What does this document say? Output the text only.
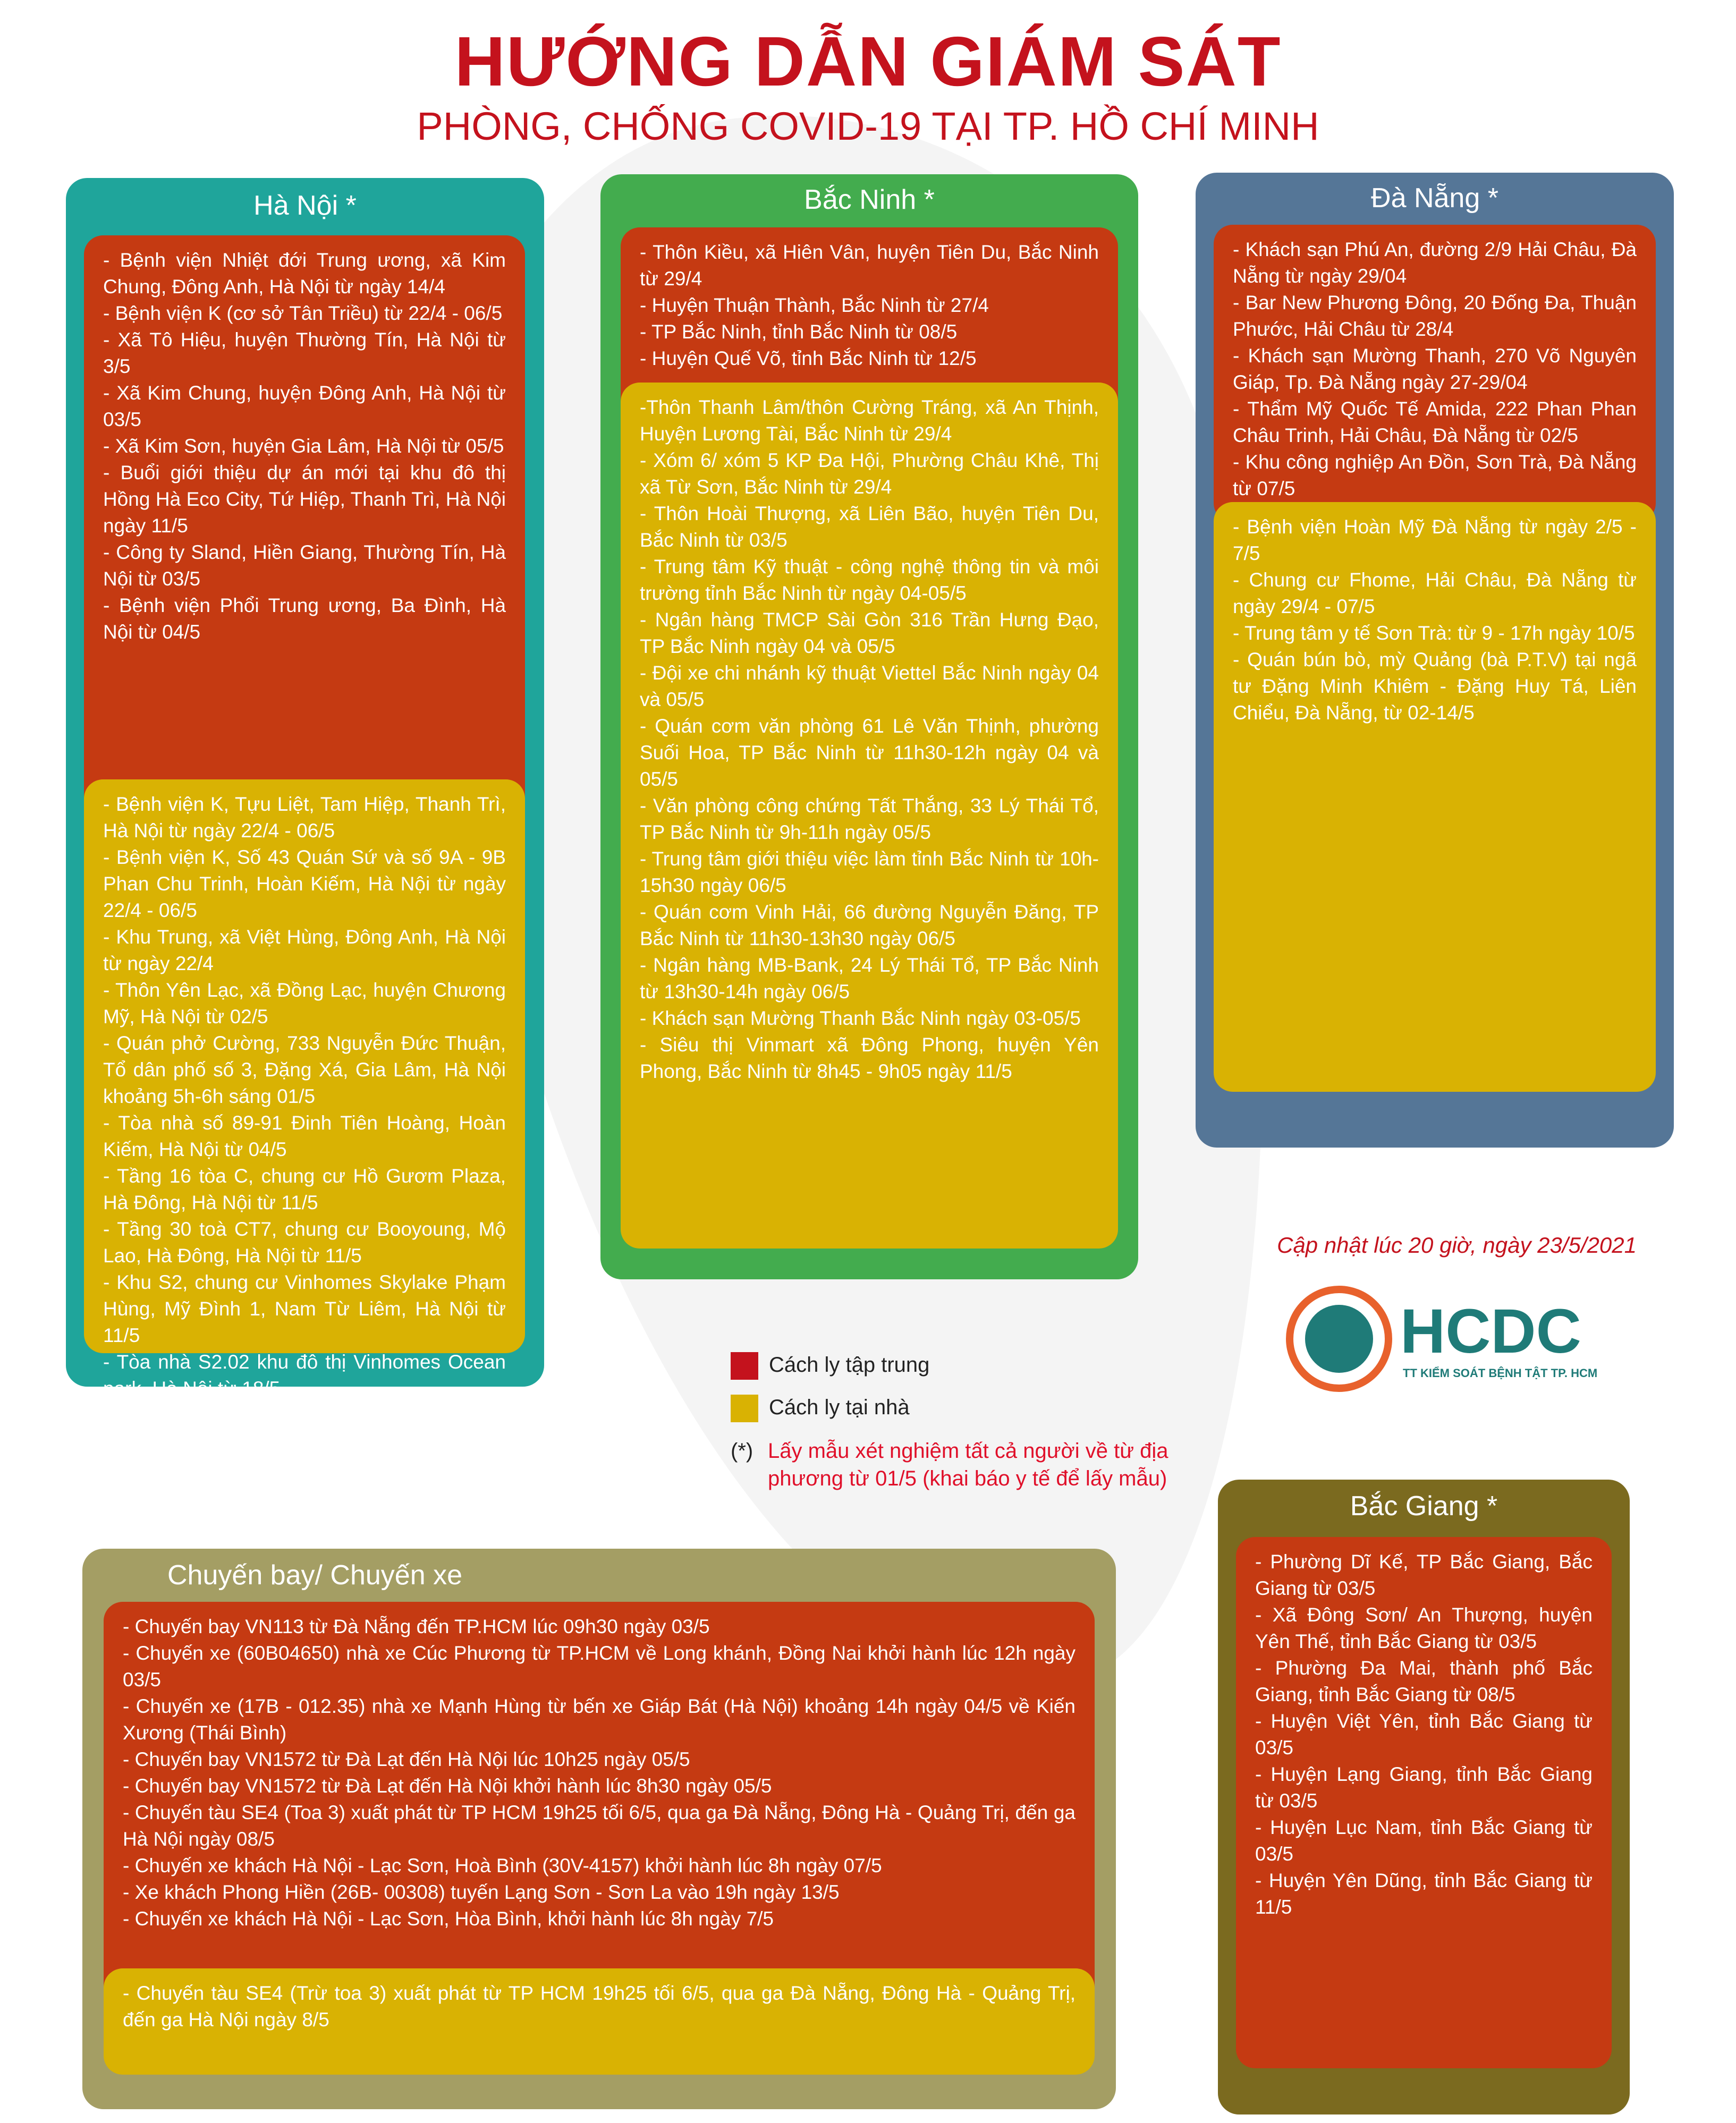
HƯỚNG DẪN GIÁM SÁT
PHÒNG, CHỐNG COVID-19 TẠI TP. HỒ CHÍ MINH
Hà Nội *
- Bệnh viện Nhiệt đới Trung ương, xã Kim Chung, Đông Anh, Hà Nội từ ngày 14/4
- Bệnh viện K (cơ sở Tân Triều) từ 22/4 - 06/5
- Xã Tô Hiệu, huyện Thường Tín, Hà Nội từ 3/5
- Xã Kim Chung, huyện Đông Anh, Hà Nội từ 03/5
- Xã Kim Sơn, huyện Gia Lâm, Hà Nội từ 05/5
- Buổi giới thiệu dự án mới tại khu đô thị Hồng Hà Eco City, Tứ Hiệp, Thanh Trì, Hà Nội ngày 11/5
- Công ty Sland, Hiền Giang, Thường Tín, Hà Nội từ 03/5
- Bệnh viện Phổi Trung ương, Ba Đình, Hà Nội từ 04/5
- Bệnh viện K, Tựu Liệt, Tam Hiệp, Thanh Trì, Hà Nội từ ngày 22/4 - 06/5
- Bệnh viện K, Số 43 Quán Sứ và số 9A - 9B Phan Chu Trinh, Hoàn Kiếm, Hà Nội từ ngày 22/4 - 06/5
- Khu Trung, xã Việt Hùng, Đông Anh, Hà Nội từ ngày 22/4
- Thôn Yên Lạc, xã Đồng Lạc, huyện Chương Mỹ, Hà Nội từ 02/5
- Quán phở Cường, 733 Nguyễn Đức Thuận, Tổ dân phố số 3, Đặng Xá, Gia Lâm, Hà Nội khoảng 5h-6h sáng 01/5
- Tòa nhà số 89-91 Đinh Tiên Hoàng, Hoàn Kiếm, Hà Nội từ 04/5
- Tầng 16 tòa C, chung cư Hồ Gươm Plaza, Hà Đông, Hà Nội từ 11/5
- Tầng 30 toà CT7, chung cư Booyoung, Mộ Lao, Hà Đông, Hà Nội từ 11/5
- Khu S2, chung cư Vinhomes Skylake Phạm Hùng, Mỹ Đình 1, Nam Từ Liêm, Hà Nội từ 11/5
- Tòa nhà S2.02 khu đô thị Vinhomes Ocean park, Hà Nội từ 18/5
- Park 9, park 11, Times City, Mai Động, Hoàng Mai, Hà Nội từ 19/5
Bắc Ninh *
- Thôn Kiều, xã Hiên Vân, huyện Tiên Du, Bắc Ninh từ 29/4
- Huyện Thuận Thành, Bắc Ninh từ 27/4
- TP Bắc Ninh, tỉnh Bắc Ninh từ 08/5
- Huyện Quế Võ, tỉnh Bắc Ninh từ 12/5
-Thôn Thanh Lâm/thôn Cường Tráng, xã An Thịnh, Huyện Lương Tài, Bắc Ninh từ 29/4
- Xóm 6/ xóm 5 KP Đa Hội, Phường Châu Khê, Thị xã Từ Sơn, Bắc Ninh từ 29/4
- Thôn Hoài Thượng, xã Liên Bão, huyện Tiên Du, Bắc Ninh từ 03/5
- Trung tâm Kỹ thuật - công nghệ thông tin và môi trường tỉnh Bắc Ninh từ ngày 04-05/5
- Ngân hàng TMCP Sài Gòn 316 Trần Hưng Đạo, TP Bắc Ninh ngày 04 và 05/5
- Đội xe chi nhánh kỹ thuật Viettel Bắc Ninh ngày 04 và 05/5
- Quán cơm văn phòng 61 Lê Văn Thịnh, phường Suối Hoa, TP Bắc Ninh từ 11h30-12h ngày 04 và 05/5
- Văn phòng công chứng Tất Thắng, 33 Lý Thái Tổ, TP Bắc Ninh từ 9h-11h ngày 05/5
- Trung tâm giới thiệu việc làm tỉnh Bắc Ninh từ 10h-15h30 ngày 06/5
- Quán cơm Vinh Hải, 66 đường Nguyễn Đăng, TP Bắc Ninh từ 11h30-13h30 ngày 06/5
- Ngân hàng MB-Bank, 24 Lý Thái Tổ, TP Bắc Ninh từ 13h30-14h ngày 06/5
- Khách sạn Mường Thanh Bắc Ninh ngày 03-05/5
- Siêu thị Vinmart xã Đông Phong, huyện Yên Phong, Bắc Ninh từ 8h45 - 9h05 ngày 11/5
Đà Nẵng *
- Khách sạn Phú An, đường 2/9 Hải Châu, Đà Nẵng từ ngày 29/04
- Bar New Phương Đông, 20 Đống Đa, Thuận Phước, Hải Châu từ 28/4
- Khách sạn Mường Thanh, 270 Võ Nguyên Giáp, Tp. Đà Nẵng ngày 27-29/04
- Thẩm Mỹ Quốc Tế Amida, 222 Phan Phan Châu Trinh, Hải Châu, Đà Nẵng từ 02/5
- Khu công nghiệp An Đồn, Sơn Trà, Đà Nẵng từ 07/5
- Bệnh viện Hoàn Mỹ Đà Nẵng từ ngày 2/5 - 7/5
- Chung cư Fhome, Hải Châu, Đà Nẵng từ ngày 29/4 - 07/5
- Trung tâm y tế Sơn Trà: từ 9 - 17h ngày 10/5
- Quán bún bò, mỳ Quảng (bà P.T.V) tại ngã tư Đặng Minh Khiêm - Đặng Huy Tá, Liên Chiểu, Đà Nẵng, từ 02-14/5
Cập nhật lúc 20 giờ, ngày 23/5/2021
HCDC
TT KIỂM SOÁT BỆNH TẬT TP. HCM
Cách ly tập trung
Cách ly tại nhà
(*) Lấy mẫu xét nghiệm tất cả người về từ địa phương từ 01/5 (khai báo y tế để lấy mẫu)
Chuyến bay/ Chuyến xe
- Chuyến bay VN113 từ Đà Nẵng đến TP.HCM lúc 09h30 ngày 03/5
- Chuyến xe (60B04650) nhà xe Cúc Phương từ TP.HCM về Long khánh, Đồng Nai khởi hành lúc 12h ngày 03/5
- Chuyến xe (17B - 012.35) nhà xe Mạnh Hùng từ bến xe Giáp Bát (Hà Nội) khoảng 14h ngày 04/5 về Kiến Xương (Thái Bình)
- Chuyến bay VN1572 từ Đà Lạt đến Hà Nội lúc 10h25 ngày 05/5
- Chuyến bay VN1572 từ Đà Lạt đến Hà Nội khởi hành lúc 8h30 ngày 05/5
- Chuyến tàu SE4 (Toa 3) xuất phát từ TP HCM 19h25 tối 6/5, qua ga Đà Nẵng, Đông Hà - Quảng Trị, đến ga Hà Nội ngày 08/5
- Chuyến xe khách Hà Nội - Lạc Sơn, Hoà Bình (30V-4157) khởi hành lúc 8h ngày 07/5
- Xe khách Phong Hiền (26B- 00308) tuyến Lạng Sơn - Sơn La vào 19h ngày 13/5
- Chuyến xe khách Hà Nội - Lạc Sơn, Hòa Bình, khởi hành lúc 8h ngày 7/5
- Chuyến tàu SE4 (Trừ toa 3) xuất phát từ TP HCM 19h25 tối 6/5, qua ga Đà Nẵng, Đông Hà - Quảng Trị, đến ga Hà Nội ngày 8/5
Bắc Giang *
- Phường Dĩ Kế, TP Bắc Giang, Bắc Giang từ 03/5
- Xã Đông Sơn/ An Thượng, huyện Yên Thế, tỉnh Bắc Giang từ 03/5
- Phường Đa Mai, thành phố Bắc Giang, tỉnh Bắc Giang từ 08/5
- Huyện Việt Yên, tỉnh Bắc Giang từ 03/5
- Huyện Lạng Giang, tỉnh Bắc Giang từ 03/5
- Huyện Lục Nam, tỉnh Bắc Giang từ 03/5
- Huyện Yên Dũng, tỉnh Bắc Giang từ 11/5
